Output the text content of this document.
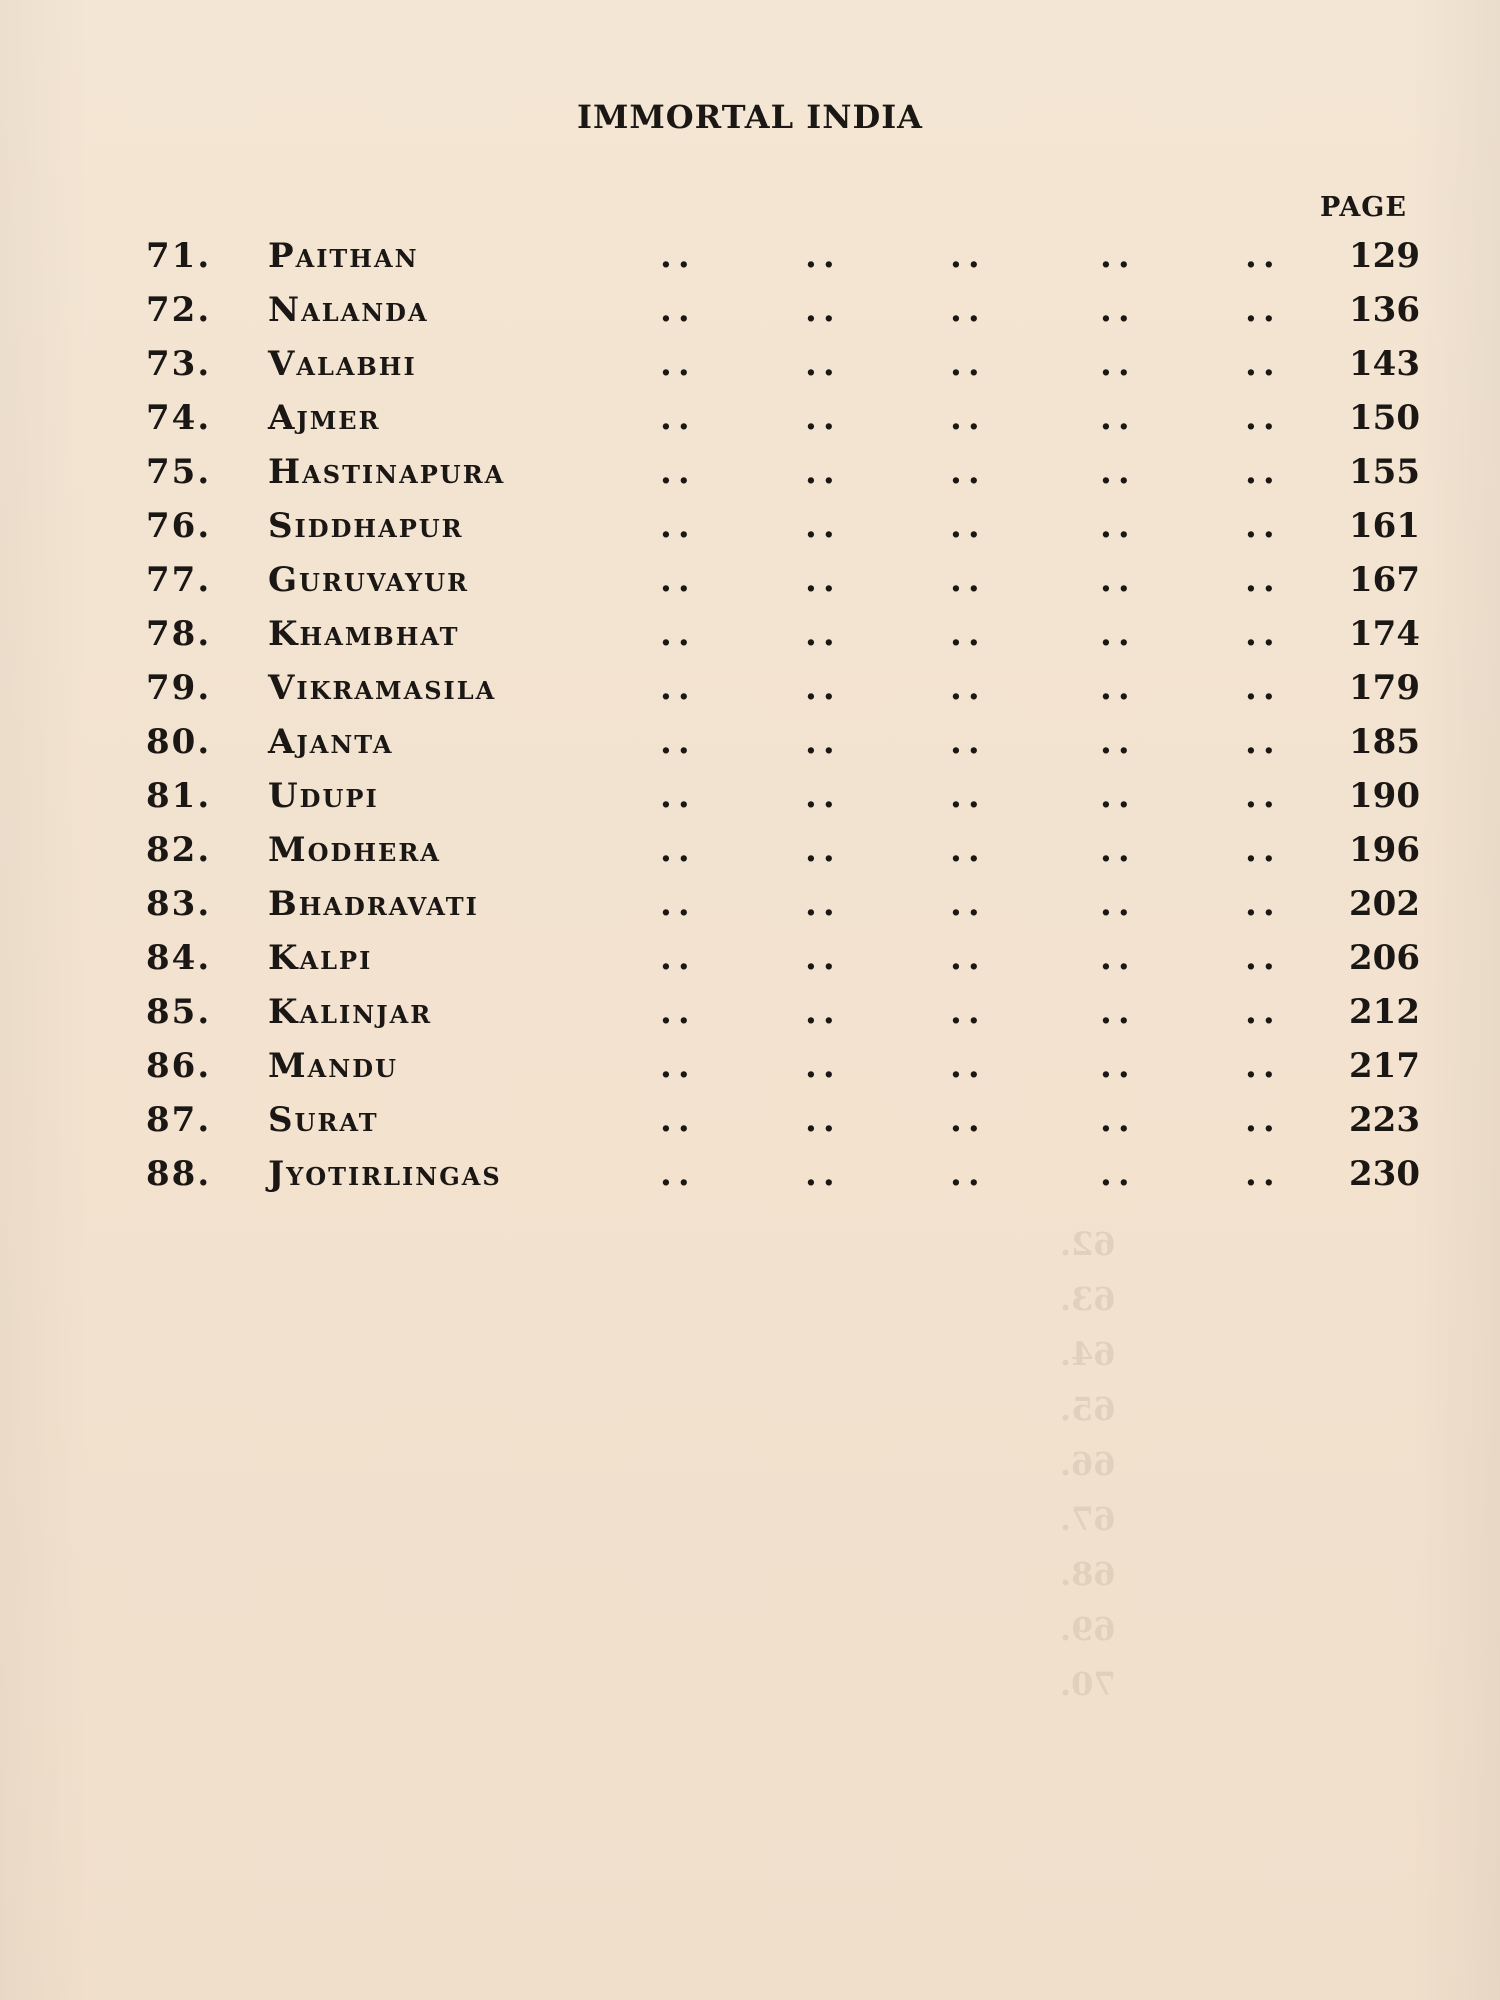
62.
63.
64.
65.
66.
67.
68.
69.
70.
IMMORTAL INDIA
PAGE
71. Paithan	..	..	..	..	..	129
72. Nalanda	..	..	..	..	..	136
73. Valabhi	..	..	..	..	..	143
74. Ajmer	..	..	..	..	..	150
75. Hastinapura	..	..	..	..	..	155
76. Siddhapur	..	..	..	..	..	161
77. Guruvayur	..	..	..	..	..	167
78. Khambhat	..	..	..	..	..	174
79. Vikramasila	..	..	..	..	..	179
80. Ajanta	..	..	..	..	..	185
81. Udupi	..	..	..	..	..	190
82. Modhera	..	..	..	..	..	196
83. Bhadravati	..	..	..	..	..	202
84. Kalpi	..	..	..	..	..	206
85. Kalinjar	..	..	..	..	..	212
86. Mandu	..	..	..	..	..	217
87. Surat	..	..	..	..	..	223
88. Jyotirlingas	..	..	..	..	..	230
